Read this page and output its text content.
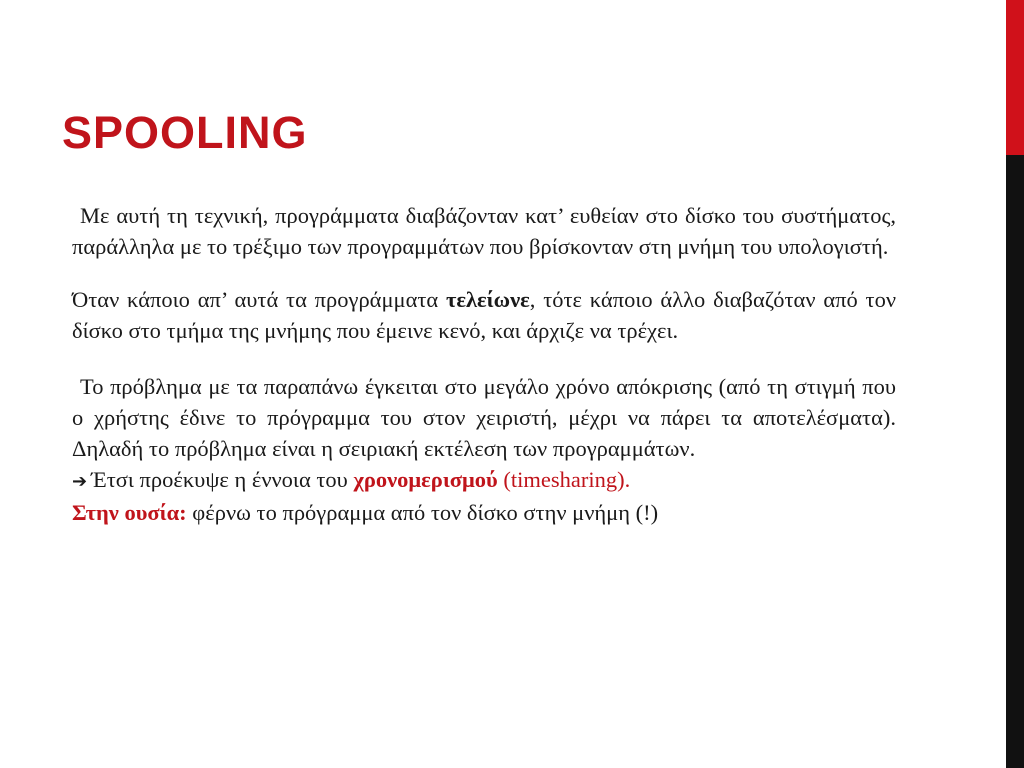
SPOOLING

Με αυτή τη τεχνική, προγράμματα διαβάζονταν κατ’ ευθείαν στο δίσκο του συστήματος, παράλληλα με το τρέξιμο των προγραμμάτων που βρίσκονταν στη μνήμη του υπολογιστή.

Όταν κάποιο απ’ αυτά τα προγράμματα τελείωνε, τότε κάποιο άλλο διαβαζόταν από τον δίσκο στο τμήμα της μνήμης που έμεινε κενό, και άρχιζε να τρέχει.

Το πρόβλημα με τα παραπάνω έγκειται στο μεγάλο χρόνο απόκρισης (από τη στιγμή που ο χρήστης έδινε το πρόγραμμα του στον χειριστή, μέχρι να πάρει τα αποτελέσματα). Δηλαδή το πρόβλημα είναι η σειριακή εκτέλεση των προγραμμάτων.

➔ Έτσι προέκυψε η έννοια του χρονομερισμού (timesharing).

Στην ουσία: φέρνω το πρόγραμμα από τον δίσκο στην μνήμη (!)
